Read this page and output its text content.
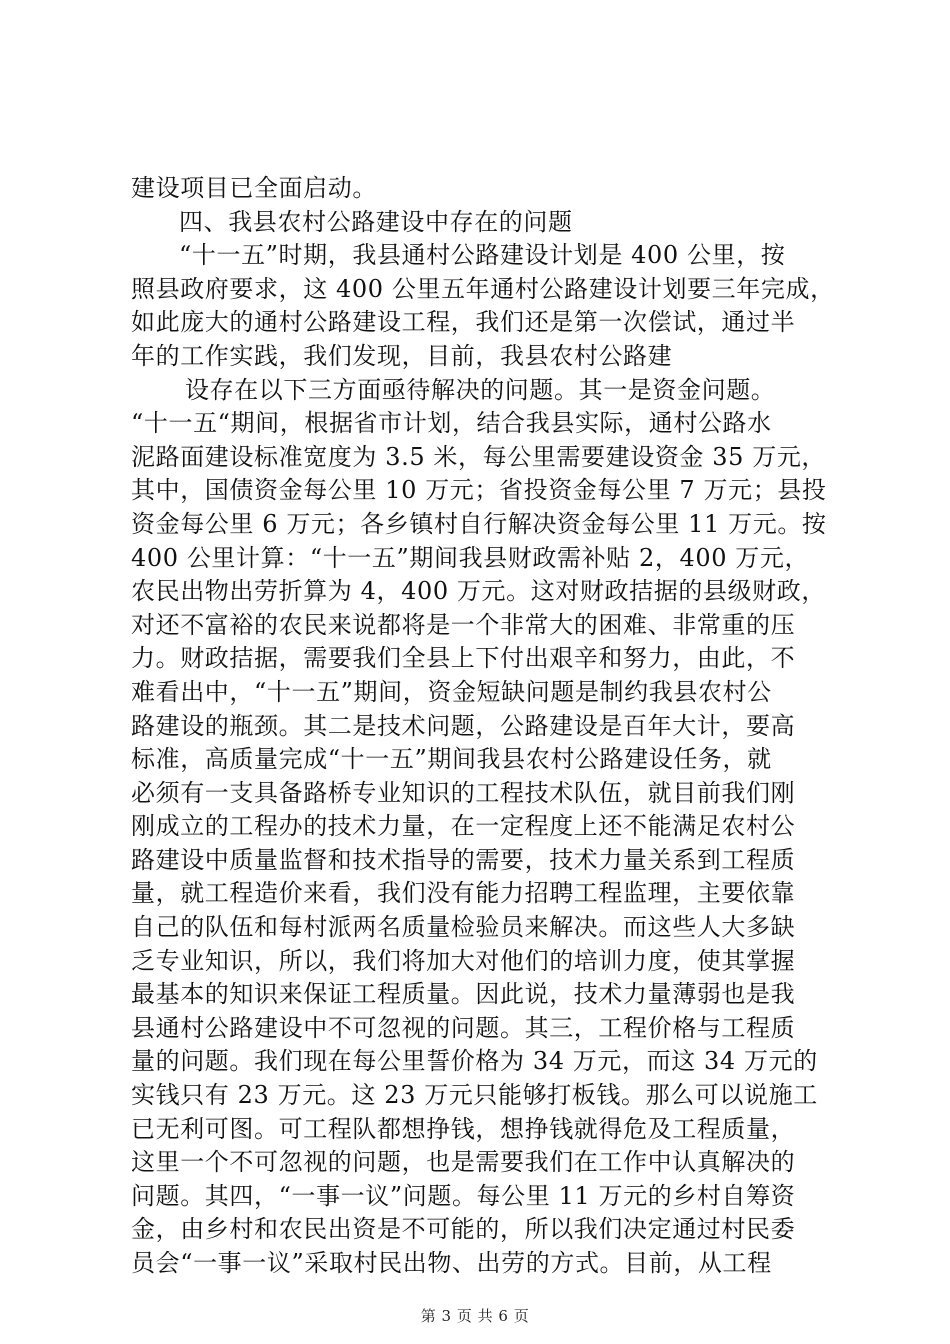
建设项目已全面启动。
四、我县农村公路建设中存在的问题
“十一五”时期，我县通村公路建设计划是 400 公里，按
照县政府要求，这 400 公里五年通村公路建设计划要三年完成，
如此庞大的通村公路建设工程，我们还是第一次偿试，通过半
年的工作实践，我们发现，目前，我县农村公路建
设存在以下三方面亟待解决的问题。其一是资金问题。
“十一五“期间，根据省市计划，结合我县实际，通村公路水
泥路面建设标准宽度为 3.5 米，每公里需要建设资金 35 万元，
其中，国债资金每公里 10 万元；省投资金每公里 7 万元；县投
资金每公里 6 万元；各乡镇村自行解决资金每公里 11 万元。按
400 公里计算：“十一五”期间我县财政需补贴 2，400 万元，
农民出物出劳折算为 4，400 万元。这对财政拮据的县级财政，
对还不富裕的农民来说都将是一个非常大的困难、非常重的压
力。财政拮据，需要我们全县上下付出艰辛和努力，由此，不
难看出中，“十一五”期间，资金短缺问题是制约我县农村公
路建设的瓶颈。其二是技术问题，公路建设是百年大计，要高
标准，高质量完成“十一五”期间我县农村公路建设任务，就
必须有一支具备路桥专业知识的工程技术队伍，就目前我们刚
刚成立的工程办的技术力量，在一定程度上还不能满足农村公
路建设中质量监督和技术指导的需要，技术力量关系到工程质
量，就工程造价来看，我们没有能力招聘工程监理，主要依靠
自己的队伍和每村派两名质量检验员来解决。而这些人大多缺
乏专业知识，所以，我们将加大对他们的培训力度，使其掌握
最基本的知识来保证工程质量。因此说，技术力量薄弱也是我
县通村公路建设中不可忽视的问题。其三，工程价格与工程质
量的问题。我们现在每公里誓价格为 34 万元，而这 34 万元的
实钱只有 23 万元。这 23 万元只能够打板钱。那么可以说施工
已无利可图。可工程队都想挣钱，想挣钱就得危及工程质量，
这里一个不可忽视的问题，也是需要我们在工作中认真解决的
问题。其四，“一事一议”问题。每公里 11 万元的乡村自筹资
金，由乡村和农民出资是不可能的，所以我们决定通过村民委
员会“一事一议”采取村民出物、出劳的方式。目前，从工程
第 3 页 共 6 页
